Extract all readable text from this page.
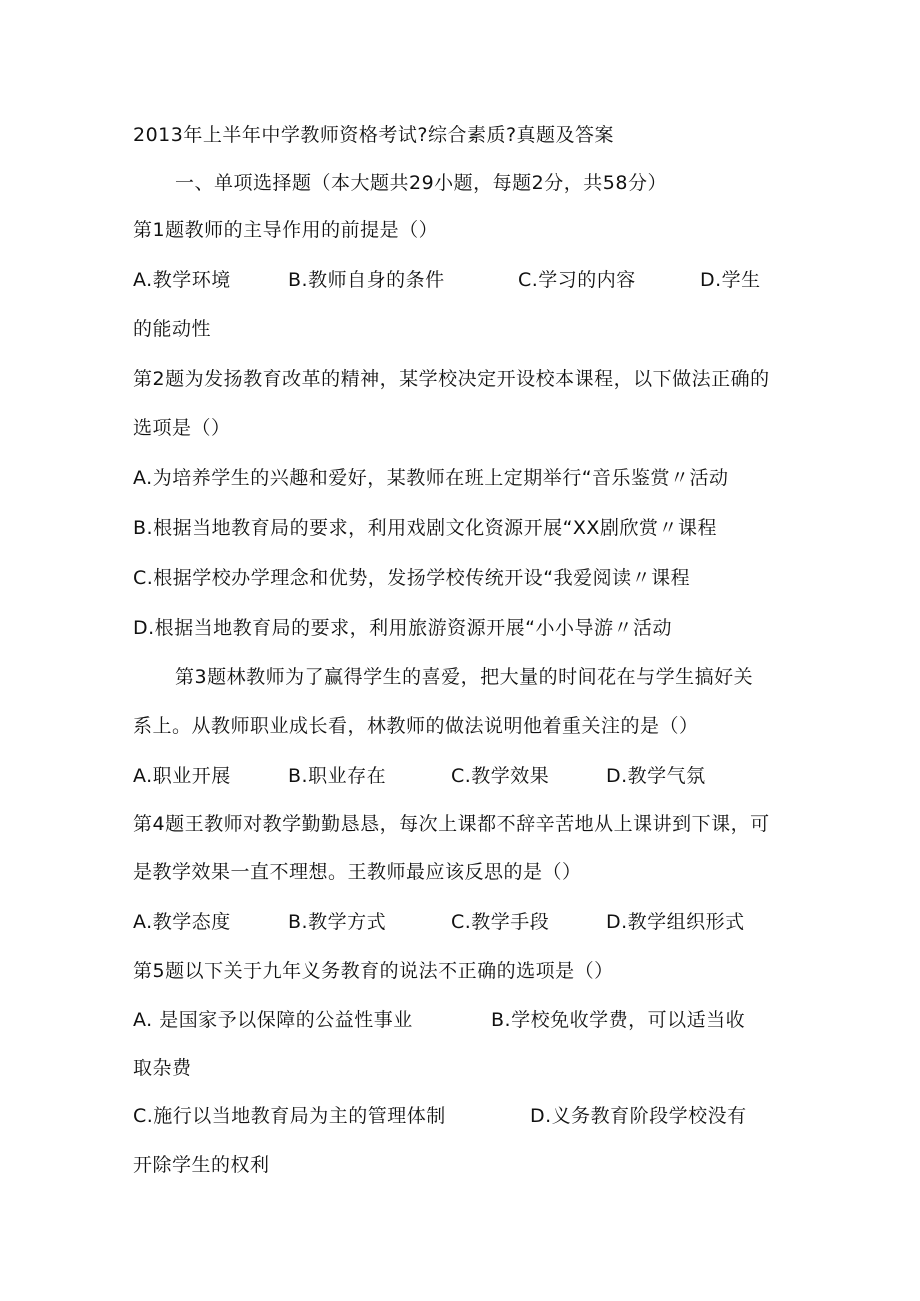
2013年上半年中学教师资格考试?综合素质?真题及答案
一、单项选择题（本大题共29小题，每题2分，共58分）
第1题教师的主导作用的前提是（）
A.教学环境	B.教师自身的条件	C.学习的内容	D.学生
的能动性
第2题为发扬教育改革的精神，某学校决定开设校本课程，以下做法正确的
选项是（）
A.为培养学生的兴趣和爱好，某教师在班上定期举行“音乐鉴赏〃活动
B.根据当地教育局的要求，利用戏剧文化资源开展“XX剧欣赏〃课程
C.根据学校办学理念和优势，发扬学校传统开设“我爱阅读〃课程
D.根据当地教育局的要求，利用旅游资源开展“小小导游〃活动
第3题林教师为了赢得学生的喜爱，把大量的时间花在与学生搞好关
系上。从教师职业成长看，林教师的做法说明他着重关注的是（）
A.职业开展	B.职业存在	C.教学效果	D.教学气氛
第4题王教师对教学勤勤恳恳，每次上课都不辞辛苦地从上课讲到下课，可
是教学效果一直不理想。王教师最应该反思的是（）
A.教学态度	B.教学方式	C.教学手段	D.教学组织形式
第5题以下关于九年义务教育的说法不正确的选项是（）
A. 是国家予以保障的公益性事业	B.学校免收学费，可以适当收
取杂费
C.施行以当地教育局为主的管理体制	D.义务教育阶段学校没有
开除学生的权利
